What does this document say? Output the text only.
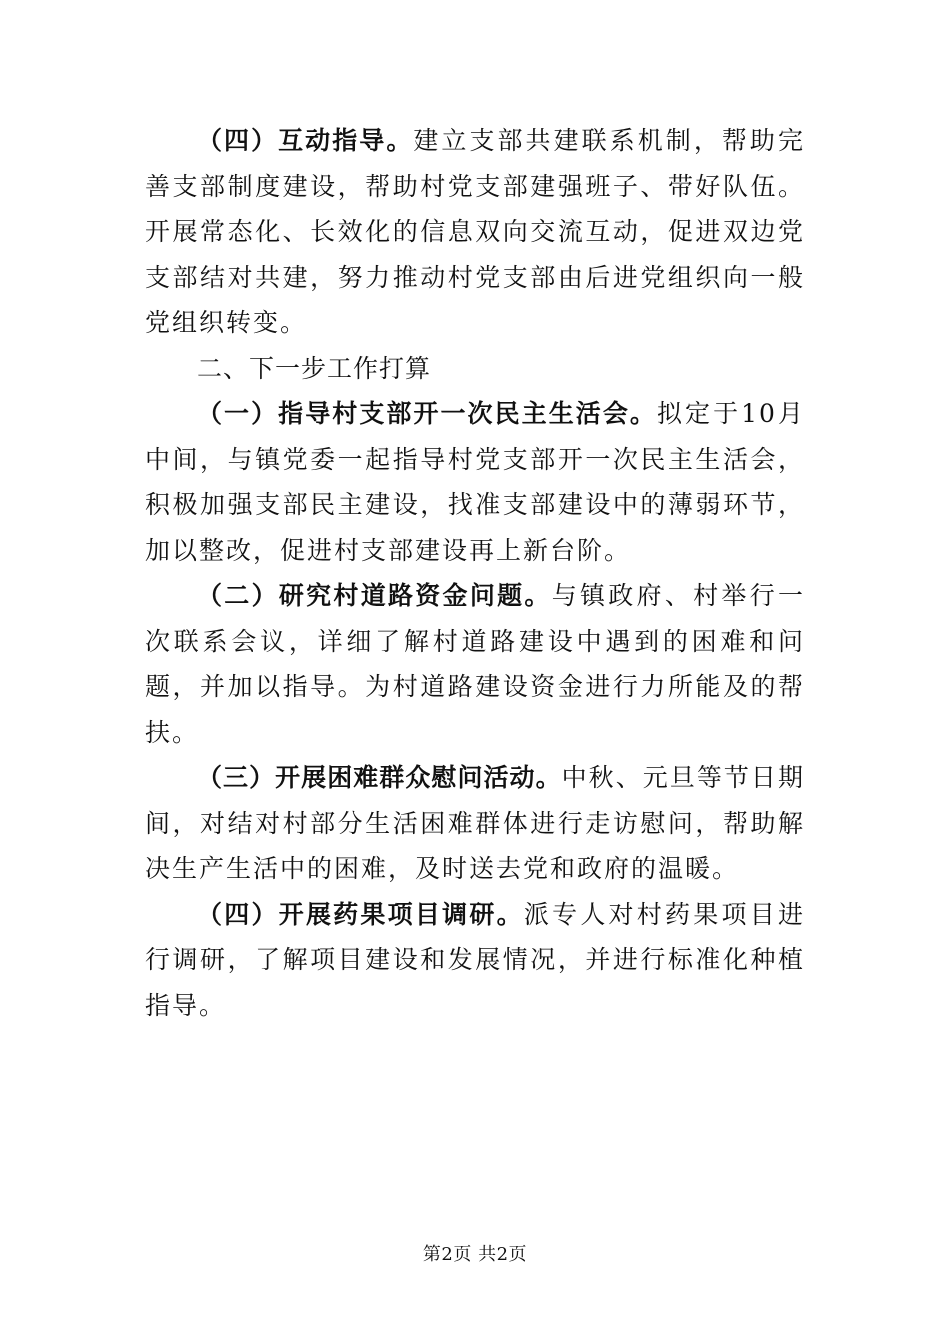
（四）互动指导。建立支部共建联系机制，帮助完善支部制度建设，帮助村党支部建强班子、带好队伍。开展常态化、长效化的信息双向交流互动，促进双边党支部结对共建，努力推动村党支部由后进党组织向一般党组织转变。

二、下一步工作打算

（一）指导村支部开一次民主生活会。拟定于10月中间，与镇党委一起指导村党支部开一次民主生活会，积极加强支部民主建设，找准支部建设中的薄弱环节，加以整改，促进村支部建设再上新台阶。

（二）研究村道路资金问题。与镇政府、村举行一次联系会议，详细了解村道路建设中遇到的困难和问题，并加以指导。为村道路建设资金进行力所能及的帮扶。

（三）开展困难群众慰问活动。中秋、元旦等节日期间，对结对村部分生活困难群体进行走访慰问，帮助解决生产生活中的困难，及时送去党和政府的温暖。

（四）开展药果项目调研。派专人对村药果项目进行调研，了解项目建设和发展情况，并进行标准化种植指导。

第2页 共2页
